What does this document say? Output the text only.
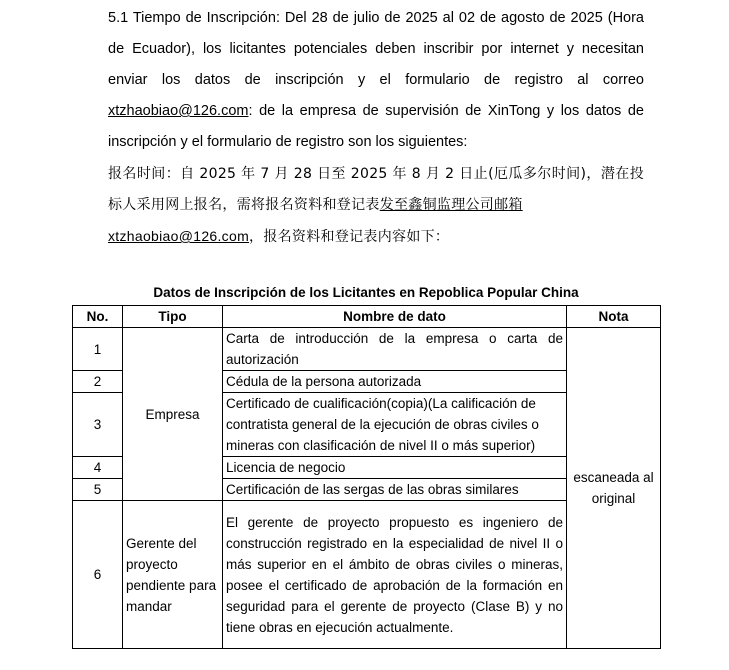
5.1 Tiempo de Inscripción: Del 28 de julio de 2025 al 02 de agosto de 2025 (Hora de Ecuador), los licitantes potenciales deben inscribir por internet y necesitan enviar los datos de inscripción y el formulario de registro al correo xtzhaobiao@126.com: de la empresa de supervisión de XinTong y los datos de inscripción y el formulario de registro son los siguientes:
报名时间：自 2025 年 7 月 28 日至 2025 年 8 月 2 日止(厄瓜多尔时间)，潜在投标人采用网上报名，需将报名资料和登记表发至鑫铜监理公司邮箱
xtzhaobiao@126.com，报名资料和登记表内容如下：
Datos de Inscripción de los Licitantes en Repoblica Popular China
No.	Tipo	Nombre de dato	Nota
1	Empresa	Carta de introducción de la empresa o carta de autorización	escaneada al original
2		Cédula de la persona autorizada	
3		Certificado de cualificación(copia)(La calificación de contratista general de la ejecución de obras civiles o mineras con clasificación de nivel II o más superior)	
4		Licencia de negocio	
5		Certificación de las sergas de las obras similares	
6	Gerente del proyecto pendiente para mandar	El gerente de proyecto propuesto es ingeniero de construcción registrado en la especialidad de nivel II o más superior en el ámbito de obras civiles o mineras, posee el certificado de aprobación de la formación en seguridad para el gerente de proyecto (Clase B) y no tiene obras en ejecución actualmente.	
